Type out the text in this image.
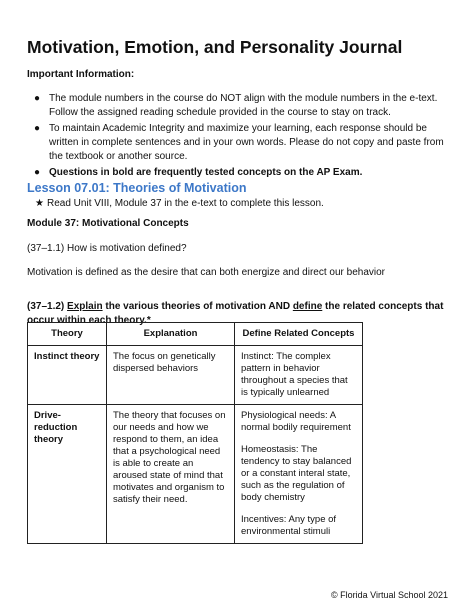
Motivation, Emotion, and Personality Journal

Important Information:

● The module numbers in the course do NOT align with the module numbers in the e-text. Follow the assigned reading schedule provided in the course to stay on track.
● To maintain Academic Integrity and maximize your learning, each response should be written in complete sentences and in your own words. Please do not copy and paste from the textbook or another source.
● Questions in bold are frequently tested concepts on the AP Exam.
Lesson 07.01: Theories of Motivation
★ Read Unit VIII, Module 37 in the e-text to complete this lesson.
Module 37: Motivational Concepts

(37–1.1) How is motivation defined?

Motivation is defined as the desire that can both energize and direct our behavior

(37–1.2) Explain the various theories of motivation AND define the related concepts that occur within each theory.*

Theory	Explanation	Define Related Concepts
Instinct theory	The focus on genetically dispersed behaviors	Instinct: The complex pattern in behavior throughout a species that is typically unlearned

Drive-reduction theory	The theory that focuses on our needs and how we respond to them, an idea that a psychological need is able to create an aroused state of mind that motivates and organism to satisfy their need.	Physiological needs: A normal bodily requirement

Homeostasis: The tendency to stay balanced or a constant interal state, such as the regulation of body chemistry

Incentives: Any type of environmental stimuli

© Florida Virtual School 2021
